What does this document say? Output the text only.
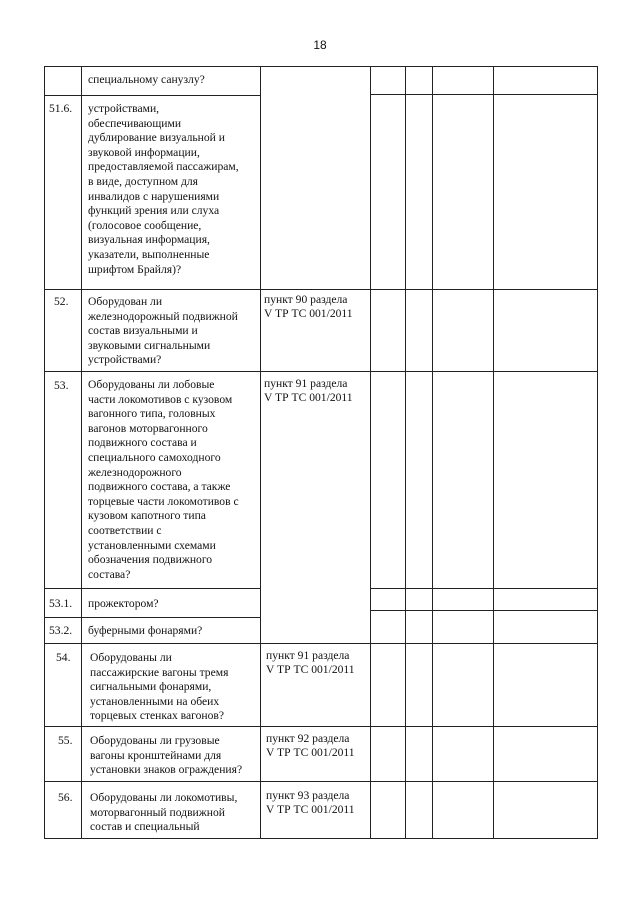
18
специальному санузлу?
51.6. устройствами,
обеспечивающими
дублирование визуальной и
звуковой информации,
предоставляемой пассажирам,
в виде, доступном для
инвалидов с нарушениями
функций зрения или слуха
(голосовое сообщение,
визуальная информация,
указатели, выполненные
шрифтом Брайля)?
52. Оборудован ли
железнодорожный подвижной
состав визуальными и
звуковыми сигнальными
устройствами?
пункт 90 раздела
V ТР ТС 001/2011
53. Оборудованы ли лобовые
части локомотивов с кузовом
вагонного типа, головных
вагонов моторвагонного
подвижного состава и
специального самоходного
железнодорожного
подвижного состава, а также
торцевые части локомотивов с
кузовом капотного типа
соответствии с
установленными схемами
обозначения подвижного
состава?
пункт 91 раздела
V ТР ТС 001/2011
53.1. прожектором?
53.2. буферными фонарями?
54. Оборудованы ли
пассажирские вагоны тремя
сигнальными фонарями,
установленными на обеих
торцевых стенках вагонов?
пункт 91 раздела
V ТР ТС 001/2011
55. Оборудованы ли грузовые
вагоны кронштейнами для
установки знаков ограждения?
пункт 92 раздела
V ТР ТС 001/2011
56. Оборудованы ли локомотивы,
моторвагонный подвижной
состав и специальный
пункт 93 раздела
V ТР ТС 001/2011
